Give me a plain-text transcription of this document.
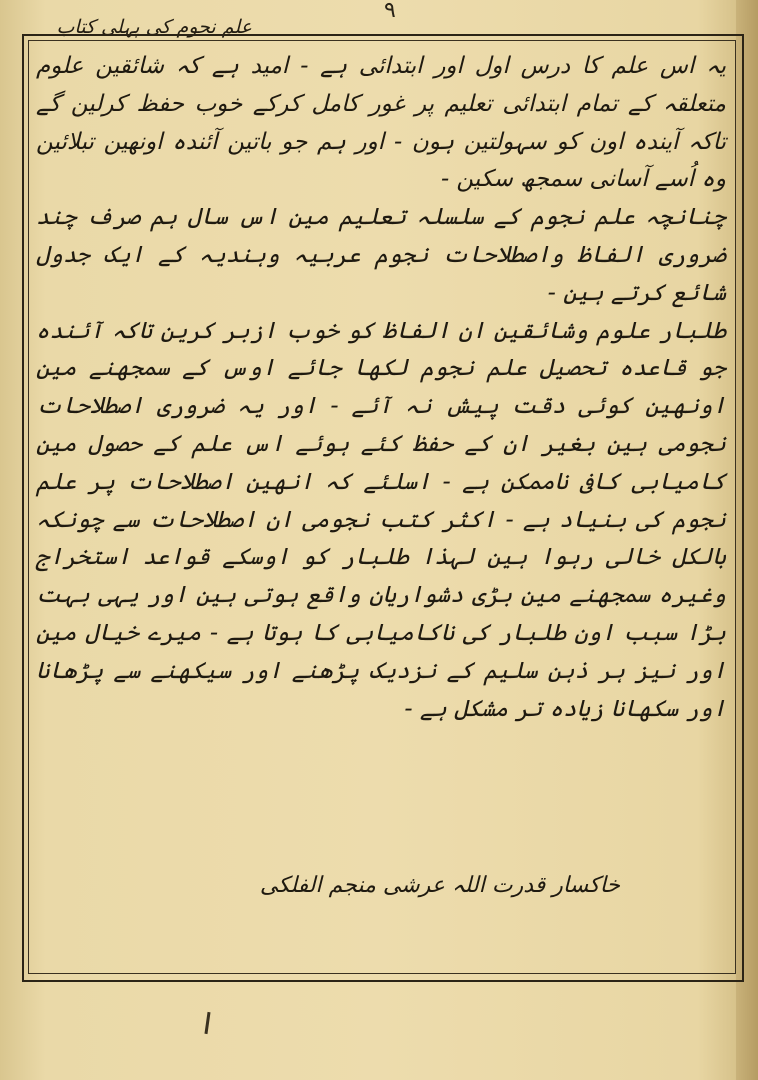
۹
علم نجوم کی پہلی کتاب

یہ اس علم کا درس اول اور ابتدائی ہے - امید ہے کہ شائقین علوم متعلقہ کے تمام ابتدائی تعلیم پر غور کامل کرکے خوب حفظ کرلین گے تاکہ آیندہ اون کو سہولتین ہون - اور ہم جو باتین آئندہ اونھین تبلائین وہ اُسے آسانی سمجھ سکین -

چنانچہ علم نجوم کے سلسلہ تعلیم مین اس سال ہم صرف چند ضروری الفاظ واصطلاحات نجوم عربیہ وہندیہ کے ایک جدول شائع کرتے ہین -

طلبار علوم وشائقین ان الفاظ کو خوب ازبر کرین تاکہ آئندہ جو قاعدہ تحصیل علم نجوم لکھا جائے اوس کے سمجھنے مین اونھین کوئی دقت پیش نہ آئے - اور یہ ضروری اصطلاحات نجومی ہین بغیر ان کے حفظ کئے ہوئے اس علم کے حصول مین کامیابی کافی ناممکن ہے - اسلئے کہ انھین اصطلاحات پر علم نجوم کی بنیاد ہے - اکثر کتب نجومی ان اصطلاحات سے چونکہ بالکل خالی رہوا ہین لہذا طلبار کو اوسکے قواعد استخراج وغیرہ سمجھنے مین بڑی دشواریان واقع ہوتی ہین اور یہی بہت بڑا سبب اون طلبار کی ناکامیابی کا ہوتا ہے - میرے خیال مین اور نیز ہر ذہن سلیم کے نزدیک پڑھنے اور سیکھنے سے پڑھانا اور سکھانا زیادہ تر مشکل ہے -

خاکسار قدرت اللہ عرشی منجم الفلکی
